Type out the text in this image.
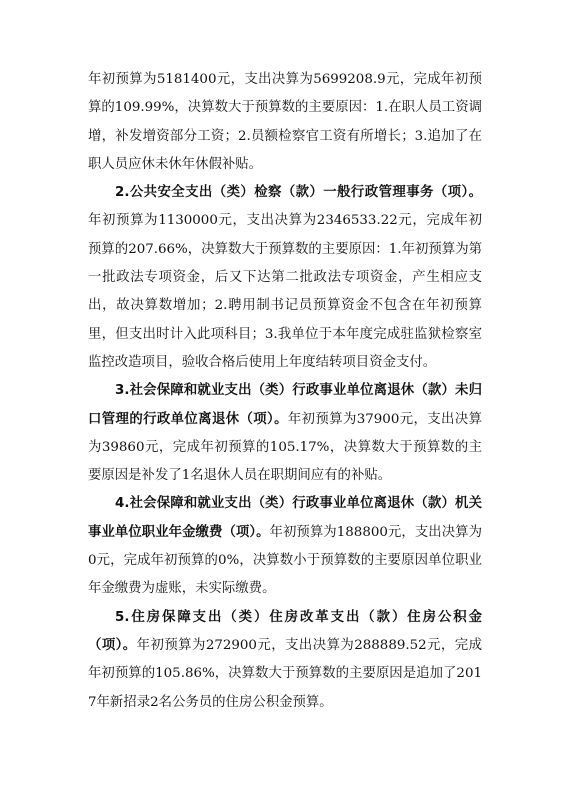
年初预算为5181400元，支出决算为5699208.9元，完成年初预算的109.99%，决算数大于预算数的主要原因：1.在职人员工资调增，补发增资部分工资；2.员额检察官工资有所增长；3.追加了在职人员应休未休年休假补贴。

2.公共安全支出（类）检察（款）一般行政管理事务（项）。年初预算为1130000元，支出决算为2346533.22元，完成年初预算的207.66%，决算数大于预算数的主要原因：1.年初预算为第一批政法专项资金，后又下达第二批政法专项资金，产生相应支出，故决算数增加；2.聘用制书记员预算资金不包含在年初预算里，但支出时计入此项科目；3.我单位于本年度完成驻监狱检察室监控改造项目，验收合格后使用上年度结转项目资金支付。

3.社会保障和就业支出（类）行政事业单位离退休（款）未归口管理的行政单位离退休（项）。年初预算为37900元，支出决算为39860元，完成年初预算的105.17%，决算数大于预算数的主要原因是补发了1名退休人员在职期间应有的补贴。

4.社会保障和就业支出（类）行政事业单位离退休（款）机关事业单位职业年金缴费（项）。年初预算为188800元，支出决算为0元，完成年初预算的0%，决算数小于预算数的主要原因单位职业年金缴费为虚账，未实际缴费。

5.住房保障支出（类）住房改革支出（款）住房公积金（项）。年初预算为272900元，支出决算为288889.52元，完成年初预算的105.86%，决算数大于预算数的主要原因是追加了2017年新招录2名公务员的住房公积金预算。
